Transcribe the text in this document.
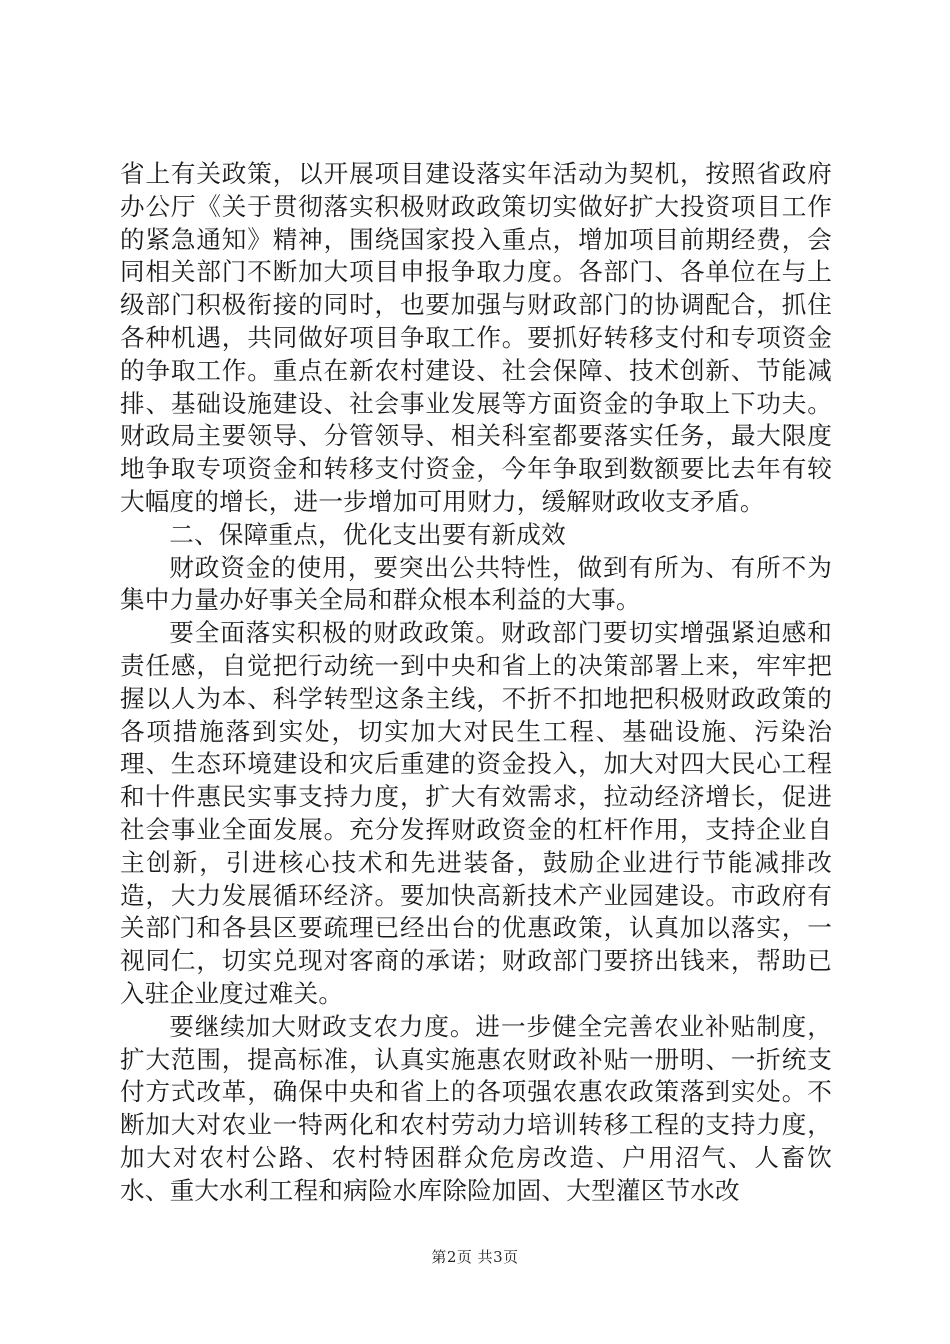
省上有关政策，以开展项目建设落实年活动为契机，按照省政府办公厅《关于贯彻落实积极财政政策切实做好扩大投资项目工作的紧急通知》精神，围绕国家投入重点，增加项目前期经费，会同相关部门不断加大项目申报争取力度。各部门、各单位在与上级部门积极衔接的同时，也要加强与财政部门的协调配合，抓住各种机遇，共同做好项目争取工作。要抓好转移支付和专项资金的争取工作。重点在新农村建设、社会保障、技术创新、节能减排、基础设施建设、社会事业发展等方面资金的争取上下功夫。财政局主要领导、分管领导、相关科室都要落实任务，最大限度地争取专项资金和转移支付资金，今年争取到数额要比去年有较大幅度的增长，进一步增加可用财力，缓解财政收支矛盾。

二、保障重点，优化支出要有新成效

财政资金的使用，要突出公共特性，做到有所为、有所不为集中力量办好事关全局和群众根本利益的大事。

要全面落实积极的财政政策。财政部门要切实增强紧迫感和责任感，自觉把行动统一到中央和省上的决策部署上来，牢牢把握以人为本、科学转型这条主线，不折不扣地把积极财政政策的各项措施落到实处，切实加大对民生工程、基础设施、污染治理、生态环境建设和灾后重建的资金投入，加大对四大民心工程和十件惠民实事支持力度，扩大有效需求，拉动经济增长，促进社会事业全面发展。充分发挥财政资金的杠杆作用，支持企业自主创新，引进核心技术和先进装备，鼓励企业进行节能减排改造，大力发展循环经济。要加快高新技术产业园建设。市政府有关部门和各县区要疏理已经出台的优惠政策，认真加以落实，一视同仁，切实兑现对客商的承诺；财政部门要挤出钱来，帮助已入驻企业度过难关。

要继续加大财政支农力度。进一步健全完善农业补贴制度，扩大范围，提高标准，认真实施惠农财政补贴一册明、一折统支付方式改革，确保中央和省上的各项强农惠农政策落到实处。不断加大对农业一特两化和农村劳动力培训转移工程的支持力度，加大对农村公路、农村特困群众危房改造、户用沼气、人畜饮水、重大水利工程和病险水库除险加固、大型灌区节水改

第2页 共3页
